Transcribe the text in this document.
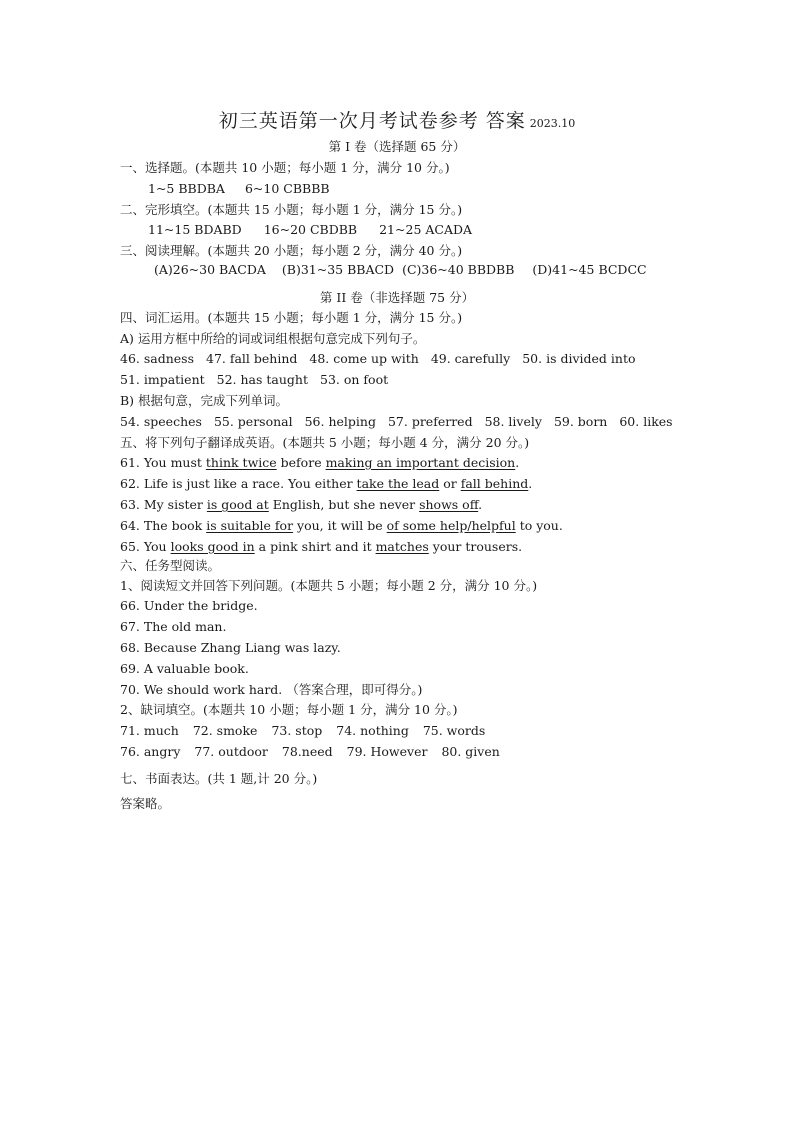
初三英语第一次月考试卷参考 答案 2023.10
第 I 卷（选择题 65 分）
一、选择题。(本题共 10 小题；每小题 1 分，满分 10 分。)
1~5 BBDBA 6~10 CBBBB
二、完形填空。(本题共 15 小题；每小题 1 分，满分 15 分。)
11~15 BDABD 16~20 CBDBB 21~25 ACADA
三、阅读理解。(本题共 20 小题；每小题 2 分，满分 40 分。)
(A)26~30 BACDA (B)31~35 BBACD (C)36~40 BBDBB (D)41~45 BCDCC
第 II 卷（非选择题 75 分）
四、词汇运用。(本题共 15 小题；每小题 1 分，满分 15 分。)
A) 运用方框中所给的词或词组根据句意完成下列句子。
46. sadness 47. fall behind 48. come up with 49. carefully 50. is divided into
51. impatient 52. has taught 53. on foot
B) 根据句意，完成下列单词。
54. speeches 55. personal 56. helping 57. preferred 58. lively 59. born 60. likes
五、将下列句子翻译成英语。(本题共 5 小题；每小题 4 分，满分 20 分。)
61. You must think twice before making an important decision.
62. Life is just like a race. You either take the lead or fall behind.
63. My sister is good at English, but she never shows off.
64. The book is suitable for you, it will be of some help/helpful to you.
65. You looks good in a pink shirt and it matches your trousers.
六、任务型阅读。
1、阅读短文并回答下列问题。(本题共 5 小题；每小题 2 分，满分 10 分。)
66. Under the bridge.
67. The old man.
68. Because Zhang Liang was lazy.
69. A valuable book.
70. We should work hard. （答案合理，即可得分。)
2、缺词填空。(本题共 10 小题；每小题 1 分，满分 10 分。)
71. much 72. smoke 73. stop 74. nothing 75. words
76. angry 77. outdoor 78.need 79. However 80. given
七、书面表达。(共 1 题,计 20 分。)
答案略。
